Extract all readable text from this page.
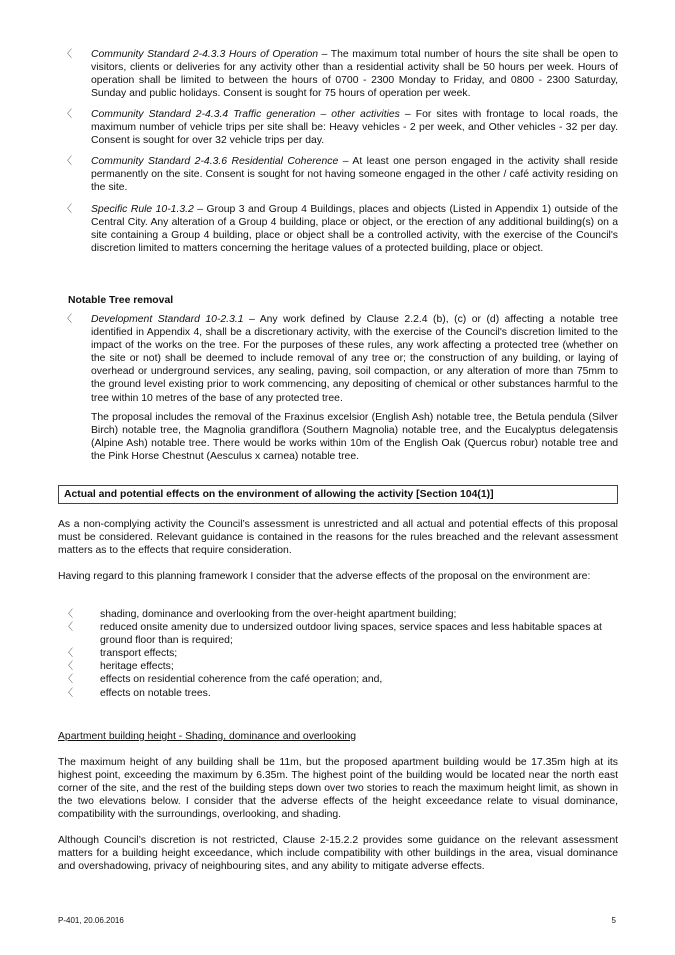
〈	Community Standard 2-4.3.3 Hours of Operation – The maximum total number of hours the site shall be open to visitors, clients or deliveries for any activity other than a residential activity shall be 50 hours per week. Hours of operation shall be limited to between the hours of 0700 - 2300 Monday to Friday, and 0800 - 2300 Saturday, Sunday and public holidays. Consent is sought for 75 hours of operation per week.
〈	Community Standard 2-4.3.4 Traffic generation – other activities – For sites with frontage to local roads, the maximum number of vehicle trips per site shall be: Heavy vehicles - 2 per week, and Other vehicles - 32 per day. Consent is sought for over 32 vehicle trips per day.
〈	Community Standard 2-4.3.6 Residential Coherence – At least one person engaged in the activity shall reside permanently on the site. Consent is sought for not having someone engaged in the other / café activity residing on the site.
〈	Specific Rule 10-1.3.2 – Group 3 and Group 4 Buildings, places and objects (Listed in Appendix 1) outside of the Central City. Any alteration of a Group 4 building, place or object, or the erection of any additional building(s) on a site containing a Group 4 building, place or object shall be a controlled activity, with the exercise of the Council's discretion limited to matters concerning the heritage values of a protected building, place or object.
Notable Tree removal
〈	Development Standard 10-2.3.1 – Any work defined by Clause 2.2.4 (b), (c) or (d) affecting a notable tree identified in Appendix 4, shall be a discretionary activity, with the exercise of the Council's discretion limited to the impact of the works on the tree. For the purposes of these rules, any work affecting a protected tree (whether on the site or not) shall be deemed to include removal of any tree or; the construction of any building, or laying of overhead or underground services, any sealing, paving, soil compaction, or any alteration of more than 75mm to the ground level existing prior to work commencing, any depositing of chemical or other substances harmful to the tree within 10 metres of the base of any protected tree.
The proposal includes the removal of the Fraxinus excelsior (English Ash) notable tree, the Betula pendula (Silver Birch) notable tree, the Magnolia grandiflora (Southern Magnolia) notable tree, and the Eucalyptus delegatensis (Alpine Ash) notable tree. There would be works within 10m of the English Oak (Quercus robur) notable tree and the Pink Horse Chestnut (Aesculus x carnea) notable tree.
Actual and potential effects on the environment of allowing the activity [Section 104(1)]
As a non-complying activity the Council’s assessment is unrestricted and all actual and potential effects of this proposal must be considered. Relevant guidance is contained in the reasons for the rules breached and the relevant assessment matters as to the effects that require consideration.
Having regard to this planning framework I consider that the adverse effects of the proposal on the environment are:
〈	shading, dominance and overlooking from the over-height apartment building;
〈	reduced onsite amenity due to undersized outdoor living spaces, service spaces and less habitable spaces at ground floor than is required;
〈	transport effects;
〈	heritage effects;
〈	effects on residential coherence from the café operation; and,
〈	effects on notable trees.
Apartment building height - Shading, dominance and overlooking
The maximum height of any building shall be 11m, but the proposed apartment building would be 17.35m high at its highest point, exceeding the maximum by 6.35m. The highest point of the building would be located near the north east corner of the site, and the rest of the building steps down over two stories to reach the maximum height limit, as shown in the two elevations below. I consider that the adverse effects of the height exceedance relate to visual dominance, compatibility with the surroundings, overlooking, and shading.
Although Council’s discretion is not restricted, Clause 2-15.2.2 provides some guidance on the relevant assessment matters for a building height exceedance, which include compatibility with other buildings in the area, visual dominance and overshadowing, privacy of neighbouring sites, and any ability to mitigate adverse effects.
P-401, 20.06.2016	5
